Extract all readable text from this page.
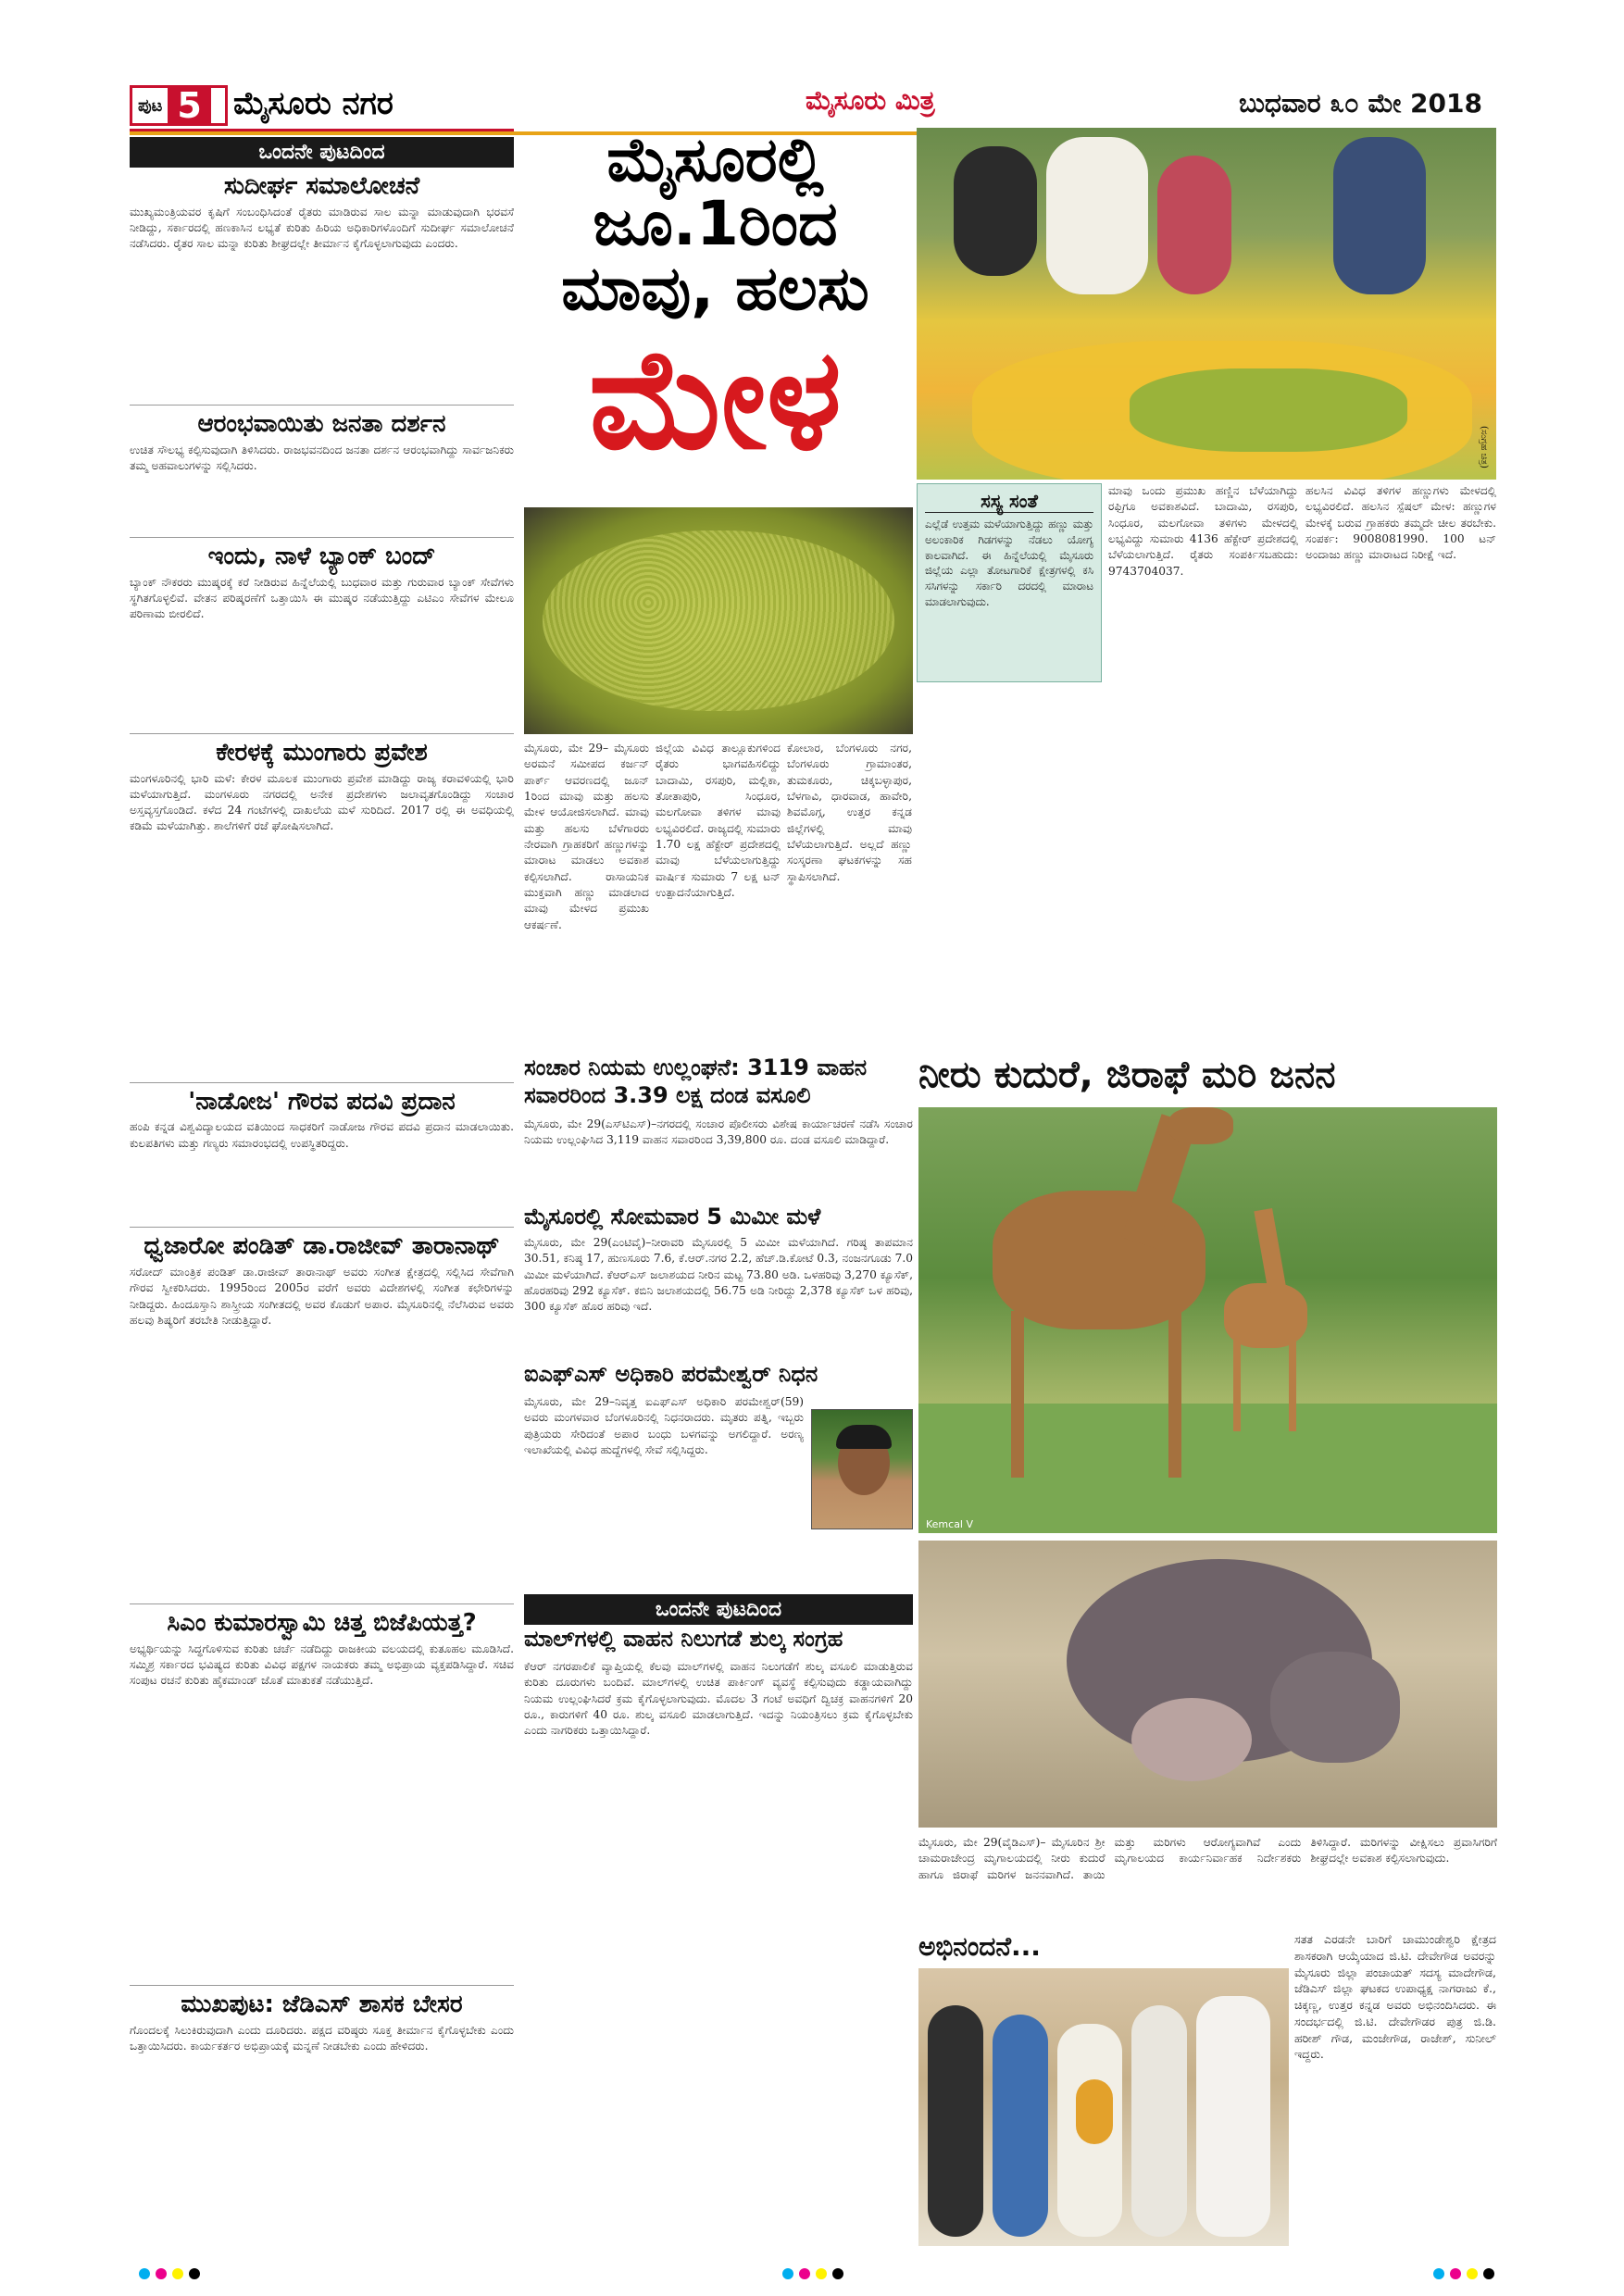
ಪುಟ 5 ಮೈಸೂರು ನಗರ	ಮೈಸೂರು ಮಿತ್ರ	ಬುಧವಾರ ೩೦ ಮೇ 2018
ಒಂದನೇ ಪುಟದಿಂದ
ಸುದೀರ್ಘ ಸಮಾಲೋಚನೆ
ಮುಖ್ಯಮಂತ್ರಿಯವರ ಕೃಷಿಗೆ ಸಂಬಂಧಿಸಿದಂತೆ ರೈತರು ಮಾಡಿರುವ ಸಾಲ ಮನ್ನಾ ಮಾಡುವುದಾಗಿ ಭರವಸೆ ನೀಡಿದ್ದು, ಸರ್ಕಾರದಲ್ಲಿ ಹಣಕಾಸಿನ ಲಭ್ಯತೆ ಕುರಿತು ಹಿರಿಯ ಅಧಿಕಾರಿಗಳೊಂದಿಗೆ ಸುದೀರ್ಘ ಸಮಾಲೋಚನೆ ನಡೆಸಿದರು. ರೈತರ ಸಾಲ ಮನ್ನಾ ಕುರಿತು ಶೀಘ್ರದಲ್ಲೇ ತೀರ್ಮಾನ ಕೈಗೊಳ್ಳಲಾಗುವುದು ಎಂದರು.
ಆರಂಭವಾಯಿತು ಜನತಾ ದರ್ಶನ
ಉಚಿತ ಸೌಲಭ್ಯ ಕಲ್ಪಿಸುವುದಾಗಿ ತಿಳಿಸಿದರು. ರಾಜಭವನದಿಂದ ಜನತಾ ದರ್ಶನ ಆರಂಭವಾಗಿದ್ದು ಸಾರ್ವಜನಿಕರು ತಮ್ಮ ಅಹವಾಲುಗಳನ್ನು ಸಲ್ಲಿಸಿದರು.
ಇಂದು, ನಾಳೆ ಬ್ಯಾಂಕ್ ಬಂದ್
ಬ್ಯಾಂಕ್ ನೌಕರರು ಮುಷ್ಕರಕ್ಕೆ ಕರೆ ನೀಡಿರುವ ಹಿನ್ನೆಲೆಯಲ್ಲಿ ಬುಧವಾರ ಮತ್ತು ಗುರುವಾರ ಬ್ಯಾಂಕ್ ಸೇವೆಗಳು ಸ್ಥಗಿತಗೊಳ್ಳಲಿವೆ. ವೇತನ ಪರಿಷ್ಕರಣೆಗೆ ಒತ್ತಾಯಿಸಿ ಈ ಮುಷ್ಕರ ನಡೆಯುತ್ತಿದ್ದು ಎಟಿಎಂ ಸೇವೆಗಳ ಮೇಲೂ ಪರಿಣಾಮ ಬೀರಲಿದೆ.
ಕೇರಳಕ್ಕೆ ಮುಂಗಾರು ಪ್ರವೇಶ
ಮಂಗಳೂರಿನಲ್ಲಿ ಭಾರಿ ಮಳೆ: ಕೇರಳ ಮೂಲಕ ಮುಂಗಾರು ಪ್ರವೇಶ ಮಾಡಿದ್ದು ರಾಜ್ಯ ಕರಾವಳಿಯಲ್ಲಿ ಭಾರಿ ಮಳೆಯಾಗುತ್ತಿದೆ. ಮಂಗಳೂರು ನಗರದಲ್ಲಿ ಅನೇಕ ಪ್ರದೇಶಗಳು ಜಲಾವೃತಗೊಂಡಿದ್ದು ಸಂಚಾರ ಅಸ್ತವ್ಯಸ್ತಗೊಂಡಿದೆ. ಕಳೆದ 24 ಗಂಟೆಗಳಲ್ಲಿ ದಾಖಲೆಯ ಮಳೆ ಸುರಿದಿದೆ. 2017 ರಲ್ಲಿ ಈ ಅವಧಿಯಲ್ಲಿ ಕಡಿಮೆ ಮಳೆಯಾಗಿತ್ತು. ಶಾಲೆಗಳಿಗೆ ರಜೆ ಘೋಷಿಸಲಾಗಿದೆ.
'ನಾಡೋಜ' ಗೌರವ ಪದವಿ ಪ್ರದಾನ
ಹಂಪಿ ಕನ್ನಡ ವಿಶ್ವವಿದ್ಯಾಲಯದ ವತಿಯಿಂದ ಸಾಧಕರಿಗೆ ನಾಡೋಜ ಗೌರವ ಪದವಿ ಪ್ರದಾನ ಮಾಡಲಾಯಿತು. ಕುಲಪತಿಗಳು ಮತ್ತು ಗಣ್ಯರು ಸಮಾರಂಭದಲ್ಲಿ ಉಪಸ್ಥಿತರಿದ್ದರು.
ಧ್ವಜಾರೋ ಪಂಡಿತ್ ಡಾ.ರಾಜೀವ್ ತಾರಾನಾಥ್
ಸರೋದ್ ಮಾಂತ್ರಿಕ ಪಂಡಿತ್ ಡಾ.ರಾಜೀವ್ ತಾರಾನಾಥ್ ಅವರು ಸಂಗೀತ ಕ್ಷೇತ್ರದಲ್ಲಿ ಸಲ್ಲಿಸಿದ ಸೇವೆಗಾಗಿ ಗೌರವ ಸ್ವೀಕರಿಸಿದರು. 1995ರಿಂದ 2005ರ ವರೆಗೆ ಅವರು ವಿದೇಶಗಳಲ್ಲಿ ಸಂಗೀತ ಕಛೇರಿಗಳನ್ನು ನೀಡಿದ್ದರು. ಹಿಂದೂಸ್ತಾನಿ ಶಾಸ್ತ್ರೀಯ ಸಂಗೀತದಲ್ಲಿ ಅವರ ಕೊಡುಗೆ ಅಪಾರ. ಮೈಸೂರಿನಲ್ಲಿ ನೆಲೆಸಿರುವ ಅವರು ಹಲವು ಶಿಷ್ಯರಿಗೆ ತರಬೇತಿ ನೀಡುತ್ತಿದ್ದಾರೆ.
ಸಿಎಂ ಕುಮಾರಸ್ವಾಮಿ ಚಿತ್ತ ಬಿಜೆಪಿಯತ್ತ?
ಅಭ್ಯರ್ಥಿಯನ್ನು ಸಿದ್ಧಗೊಳಿಸುವ ಕುರಿತು ಚರ್ಚೆ ನಡೆದಿದ್ದು ರಾಜಕೀಯ ವಲಯದಲ್ಲಿ ಕುತೂಹಲ ಮೂಡಿಸಿದೆ. ಸಮ್ಮಿಶ್ರ ಸರ್ಕಾರದ ಭವಿಷ್ಯದ ಕುರಿತು ವಿವಿಧ ಪಕ್ಷಗಳ ನಾಯಕರು ತಮ್ಮ ಅಭಿಪ್ರಾಯ ವ್ಯಕ್ತಪಡಿಸಿದ್ದಾರೆ. ಸಚಿವ ಸಂಪುಟ ರಚನೆ ಕುರಿತು ಹೈಕಮಾಂಡ್ ಜೊತೆ ಮಾತುಕತೆ ನಡೆಯುತ್ತಿದೆ.
ಮುಖಪುಟ: ಜೆಡಿಎಸ್ ಶಾಸಕ ಬೇಸರ
ಗೊಂದಲಕ್ಕೆ ಸಿಲುಕಿರುವುದಾಗಿ ಎಂದು ದೂರಿದರು. ಪಕ್ಷದ ವರಿಷ್ಠರು ಸೂಕ್ತ ತೀರ್ಮಾನ ಕೈಗೊಳ್ಳಬೇಕು ಎಂದು ಒತ್ತಾಯಿಸಿದರು. ಕಾರ್ಯಕರ್ತರ ಅಭಿಪ್ರಾಯಕ್ಕೆ ಮನ್ನಣೆ ನೀಡಬೇಕು ಎಂದು ಹೇಳಿದರು.
ಮೈಸೂರಲ್ಲಿ
ಜೂ.1ರಿಂದ
ಮಾವು, ಹಲಸು
ಮೇಳ	(ಸಂಗ್ರಹ ಚಿತ್ರ)
ಸಸ್ಯ ಸಂತೆ
ಎಲ್ಲೆಡೆ ಉತ್ತಮ ಮಳೆಯಾಗುತ್ತಿದ್ದು ಹಣ್ಣು ಮತ್ತು ಅಲಂಕಾರಿಕ ಗಿಡಗಳನ್ನು ನೆಡಲು ಯೋಗ್ಯ ಕಾಲವಾಗಿದೆ. ಈ ಹಿನ್ನೆಲೆಯಲ್ಲಿ ಮೈಸೂರು ಜಿಲ್ಲೆಯ ಎಲ್ಲಾ ತೋಟಗಾರಿಕೆ ಕ್ಷೇತ್ರಗಳಲ್ಲಿ ಕಸಿ ಸಸಿಗಳನ್ನು ಸರ್ಕಾರಿ ದರದಲ್ಲಿ ಮಾರಾಟ ಮಾಡಲಾಗುವುದು.
ಮೈಸೂರು, ಮೇ 29– ಮೈಸೂರು ಅರಮನೆ ಸಮೀಪದ ಕರ್ಜನ್ ಪಾರ್ಕ್ ಆವರಣದಲ್ಲಿ ಜೂನ್ 1ರಿಂದ ಮಾವು ಮತ್ತು ಹಲಸು ಮೇಳ ಆಯೋಜಿಸಲಾಗಿದೆ. ಮಾವು ಮತ್ತು ಹಲಸು ಬೆಳೆಗಾರರು ನೇರವಾಗಿ ಗ್ರಾಹಕರಿಗೆ ಹಣ್ಣುಗಳನ್ನು ಮಾರಾಟ ಮಾಡಲು ಅವಕಾಶ ಕಲ್ಪಿಸಲಾಗಿದೆ. ರಾಸಾಯನಿಕ ಮುಕ್ತವಾಗಿ ಹಣ್ಣು ಮಾಡಲಾದ ಮಾವು ಮೇಳದ ಪ್ರಮುಖ ಆಕರ್ಷಣೆ.
ಜಿಲ್ಲೆಯ ವಿವಿಧ ತಾಲ್ಲೂಕುಗಳಿಂದ ರೈತರು ಭಾಗವಹಿಸಲಿದ್ದು ಬಾದಾಮಿ, ರಸಪುರಿ, ಮಲ್ಲಿಕಾ, ತೋತಾಪುರಿ, ಸಿಂಧೂರ, ಮಲಗೋವಾ ತಳಿಗಳ ಮಾವು ಲಭ್ಯವಿರಲಿದೆ. ರಾಜ್ಯದಲ್ಲಿ ಸುಮಾರು 1.70 ಲಕ್ಷ ಹೆಕ್ಟೇರ್ ಪ್ರದೇಶದಲ್ಲಿ ಮಾವು ಬೆಳೆಯಲಾಗುತ್ತಿದ್ದು ವಾರ್ಷಿಕ ಸುಮಾರು 7 ಲಕ್ಷ ಟನ್ ಉತ್ಪಾದನೆಯಾಗುತ್ತಿದೆ.
ಕೋಲಾರ, ಬೆಂಗಳೂರು ನಗರ, ಬೆಂಗಳೂರು ಗ್ರಾಮಾಂತರ, ತುಮಕೂರು, ಚಿಕ್ಕಬಳ್ಳಾಪುರ, ಬೆಳಗಾವಿ, ಧಾರವಾಡ, ಹಾವೇರಿ, ಶಿವಮೊಗ್ಗ, ಉತ್ತರ ಕನ್ನಡ ಜಿಲ್ಲೆಗಳಲ್ಲಿ ಮಾವು ಬೆಳೆಯಲಾಗುತ್ತಿದೆ. ಅಲ್ಲದೆ ಹಣ್ಣು ಸಂಸ್ಕರಣಾ ಘಟಕಗಳನ್ನು ಸಹ ಸ್ಥಾಪಿಸಲಾಗಿದೆ.
ಮಾವು ಒಂದು ಪ್ರಮುಖ ಹಣ್ಣಿನ ಬೆಳೆಯಾಗಿದ್ದು ರಫ್ತಿಗೂ ಅವಕಾಶವಿದೆ. ಬಾದಾಮಿ, ರಸಪುರಿ, ಸಿಂಧೂರ, ಮಲಗೋವಾ ತಳಿಗಳು ಮೇಳದಲ್ಲಿ ಲಭ್ಯವಿದ್ದು ಸುಮಾರು 4136 ಹೆಕ್ಟೇರ್ ಪ್ರದೇಶದಲ್ಲಿ ಬೆಳೆಯಲಾಗುತ್ತಿದೆ. ರೈತರು ಸಂಪರ್ಕಿಸಬಹುದು: 9743704037.
ಹಲಸಿನ ವಿವಿಧ ತಳಿಗಳ ಹಣ್ಣುಗಳು ಮೇಳದಲ್ಲಿ ಲಭ್ಯವಿರಲಿದೆ. ಹಲಸಿನ ಸ್ಪೆಷಲ್ ಮೇಳ: ಹಣ್ಣುಗಳ ಮೇಳಕ್ಕೆ ಬರುವ ಗ್ರಾಹಕರು ತಮ್ಮದೇ ಚೀಲ ತರಬೇಕು. ಸಂಪರ್ಕ: 9008081990. 100 ಟನ್ ಅಂದಾಜು ಹಣ್ಣು ಮಾರಾಟದ ನಿರೀಕ್ಷೆ ಇದೆ.
ಸಂಚಾರ ನಿಯಮ ಉಲ್ಲಂಘನೆ: 3119 ವಾಹನ ಸವಾರರಿಂದ 3.39 ಲಕ್ಷ ದಂಡ ವಸೂಲಿ
ಮೈಸೂರು, ಮೇ 29(ಎಸ್‌ಟಿಎಸ್)–ನಗರದಲ್ಲಿ ಸಂಚಾರ ಪೊಲೀಸರು ವಿಶೇಷ ಕಾರ್ಯಾಚರಣೆ ನಡೆಸಿ ಸಂಚಾರ ನಿಯಮ ಉಲ್ಲಂಘಿಸಿದ 3,119 ವಾಹನ ಸವಾರರಿಂದ 3,39,800 ರೂ. ದಂಡ ವಸೂಲಿ ಮಾಡಿದ್ದಾರೆ.
ಮೈಸೂರಲ್ಲಿ ಸೋಮವಾರ 5 ಮಿಮೀ ಮಳೆ
ಮೈಸೂರು, ಮೇ 29(ಎಂಟಿವೈ)–ನೀರಾವರಿ ಮೈಸೂರಲ್ಲಿ 5 ಮಿಮೀ ಮಳೆಯಾಗಿದೆ. ಗರಿಷ್ಠ ತಾಪಮಾನ 30.51, ಕನಿಷ್ಠ 17, ಹುಣಸೂರು 7.6, ಕೆ.ಆರ್.ನಗರ 2.2, ಹೆಚ್.ಡಿ.ಕೋಟೆ 0.3, ನಂಜನಗೂಡು 7.0 ಮಿಮೀ ಮಳೆಯಾಗಿದೆ. ಕೆಆರ್‌ಎಸ್ ಜಲಾಶಯದ ನೀರಿನ ಮಟ್ಟ 73.80 ಅಡಿ. ಒಳಹರಿವು 3,270 ಕ್ಯೂಸೆಕ್, ಹೊರಹರಿವು 292 ಕ್ಯೂಸೆಕ್. ಕಬಿನಿ ಜಲಾಶಯದಲ್ಲಿ 56.75 ಅಡಿ ನೀರಿದ್ದು 2,378 ಕ್ಯೂಸೆಕ್ ಒಳ ಹರಿವು, 300 ಕ್ಯೂಸೆಕ್ ಹೊರ ಹರಿವು ಇದೆ.
ಐಎಫ್‌ಎಸ್ ಅಧಿಕಾರಿ ಪರಮೇಶ್ವರ್ ನಿಧನ
ಮೈಸೂರು, ಮೇ 29–ನಿವೃತ್ತ ಐಎಫ್‌ಎಸ್ ಅಧಿಕಾರಿ ಪರಮೇಶ್ವರ್(59) ಅವರು ಮಂಗಳವಾರ ಬೆಂಗಳೂರಿನಲ್ಲಿ ನಿಧನರಾದರು. ಮೃತರು ಪತ್ನಿ, ಇಬ್ಬರು ಪುತ್ರಿಯರು ಸೇರಿದಂತೆ ಅಪಾರ ಬಂಧು ಬಳಗವನ್ನು ಅಗಲಿದ್ದಾರೆ. ಅರಣ್ಯ ಇಲಾಖೆಯಲ್ಲಿ ವಿವಿಧ ಹುದ್ದೆಗಳಲ್ಲಿ ಸೇವೆ ಸಲ್ಲಿಸಿದ್ದರು.
ಒಂದನೇ ಪುಟದಿಂದ
ಮಾಲ್‌ಗಳಲ್ಲಿ ವಾಹನ ನಿಲುಗಡೆ ಶುಲ್ಕ ಸಂಗ್ರಹ
ಕೆಆರ್ ನಗರಪಾಲಿಕೆ ವ್ಯಾಪ್ತಿಯಲ್ಲಿ ಕೆಲವು ಮಾಲ್‌ಗಳಲ್ಲಿ ವಾಹನ ನಿಲುಗಡೆಗೆ ಶುಲ್ಕ ವಸೂಲಿ ಮಾಡುತ್ತಿರುವ ಕುರಿತು ದೂರುಗಳು ಬಂದಿವೆ. ಮಾಲ್‌ಗಳಲ್ಲಿ ಉಚಿತ ಪಾರ್ಕಿಂಗ್ ವ್ಯವಸ್ಥೆ ಕಲ್ಪಿಸುವುದು ಕಡ್ಡಾಯವಾಗಿದ್ದು ನಿಯಮ ಉಲ್ಲಂಘಿಸಿದರೆ ಕ್ರಮ ಕೈಗೊಳ್ಳಲಾಗುವುದು. ಮೊದಲ 3 ಗಂಟೆ ಅವಧಿಗೆ ದ್ವಿಚಕ್ರ ವಾಹನಗಳಿಗೆ 20 ರೂ., ಕಾರುಗಳಿಗೆ 40 ರೂ. ಶುಲ್ಕ ವಸೂಲಿ ಮಾಡಲಾಗುತ್ತಿದೆ. ಇದನ್ನು ನಿಯಂತ್ರಿಸಲು ಕ್ರಮ ಕೈಗೊಳ್ಳಬೇಕು ಎಂದು ನಾಗರಿಕರು ಒತ್ತಾಯಿಸಿದ್ದಾರೆ.
ನೀರು ಕುದುರೆ, ಜಿರಾಫೆ ಮರಿ ಜನನ
Kemcal V
ಮೈಸೂರು, ಮೇ 29(ವೈಡಿಎಸ್)– ಮೈಸೂರಿನ ಶ್ರೀ ಚಾಮರಾಜೇಂದ್ರ ಮೃಗಾಲಯದಲ್ಲಿ ನೀರು ಕುದುರೆ ಹಾಗೂ ಜಿರಾಫೆ ಮರಿಗಳ ಜನನವಾಗಿದೆ. ತಾಯಿ ಮತ್ತು ಮರಿಗಳು ಆರೋಗ್ಯವಾಗಿವೆ ಎಂದು ಮೃಗಾಲಯದ ಕಾರ್ಯನಿರ್ವಾಹಕ ನಿರ್ದೇಶಕರು ತಿಳಿಸಿದ್ದಾರೆ. ಮರಿಗಳನ್ನು ವೀಕ್ಷಿಸಲು ಪ್ರವಾಸಿಗರಿಗೆ ಶೀಘ್ರದಲ್ಲೇ ಅವಕಾಶ ಕಲ್ಪಿಸಲಾಗುವುದು.
ಅಭಿನಂದನೆ...	ಸತತ ಎರಡನೇ ಬಾರಿಗೆ ಚಾಮುಂಡೇಶ್ವರಿ ಕ್ಷೇತ್ರದ ಶಾಸಕರಾಗಿ ಆಯ್ಕೆಯಾದ ಜಿ.ಟಿ. ದೇವೇಗೌಡ ಅವರನ್ನು ಮೈಸೂರು ಜಿಲ್ಲಾ ಪಂಚಾಯತ್ ಸದಸ್ಯ ಮಾದೇಗೌಡ, ಜೆಡಿಎಸ್ ಜಿಲ್ಲಾ ಘಟಕದ ಉಪಾಧ್ಯಕ್ಷ ನಾಗರಾಜು ಕೆ., ಚಿಕ್ಕಣ್ಣ, ಉತ್ತರ ಕನ್ನಡ ಅವರು ಅಭಿನಂದಿಸಿದರು. ಈ ಸಂದರ್ಭದಲ್ಲಿ ಜಿ.ಟಿ. ದೇವೇಗೌಡರ ಪುತ್ರ ಜಿ.ಡಿ. ಹರೀಶ್ ಗೌಡ, ಮಂಜೇಗೌಡ, ರಾಜೇಶ್, ಸುನೀಲ್ ಇದ್ದರು.
